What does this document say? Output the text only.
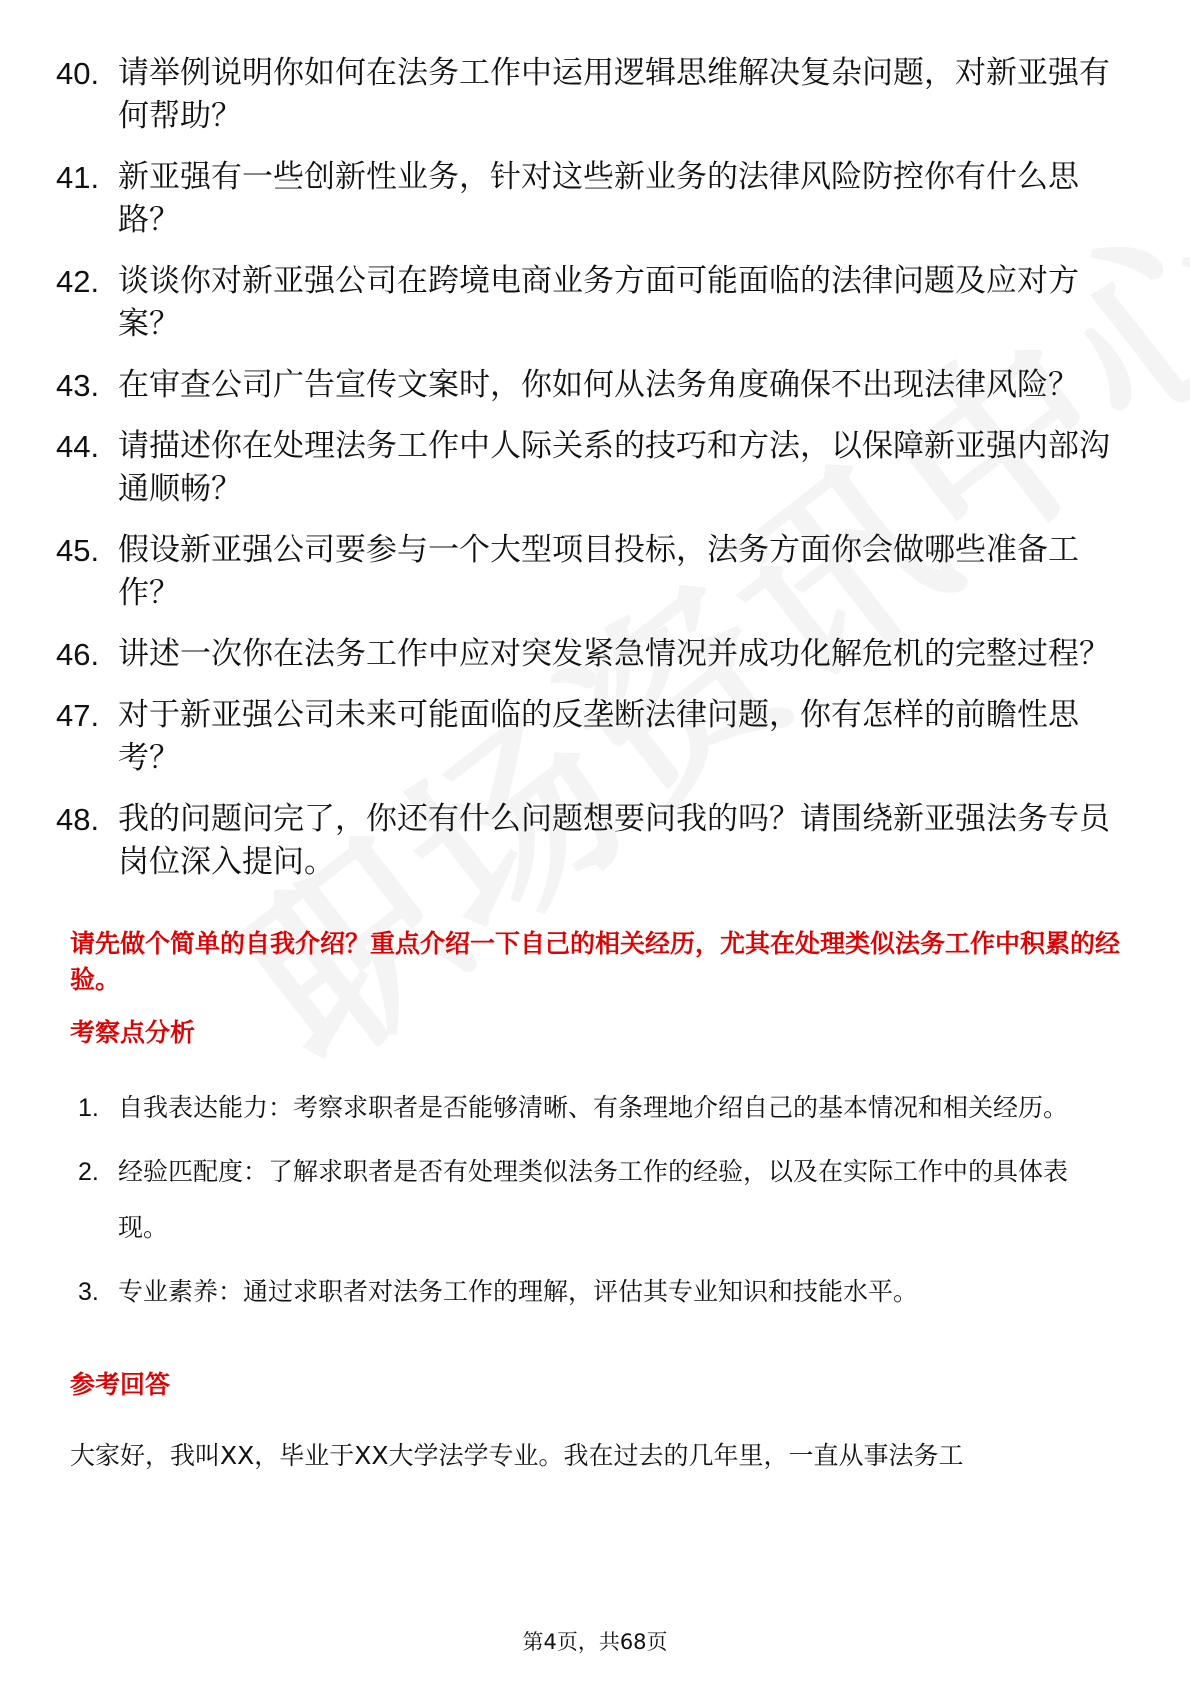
40. 请举例说明你如何在法务工作中运用逻辑思维解决复杂问题，对新亚强有何帮助？
41. 新亚强有一些创新性业务，针对这些新业务的法律风险防控你有什么思路？
42. 谈谈你对新亚强公司在跨境电商业务方面可能面临的法律问题及应对方案？
43. 在审查公司广告宣传文案时，你如何从法务角度确保不出现法律风险？
44. 请描述你在处理法务工作中人际关系的技巧和方法，以保障新亚强内部沟通顺畅？
45. 假设新亚强公司要参与一个大型项目投标，法务方面你会做哪些准备工作？
46. 讲述一次你在法务工作中应对突发紧急情况并成功化解危机的完整过程？
47. 对于新亚强公司未来可能面临的反垄断法律问题，你有怎样的前瞻性思考？
48. 我的问题问完了，你还有什么问题想要问我的吗？请围绕新亚强法务专员岗位深入提问。

请先做个简单的自我介绍？重点介绍一下自己的相关经历，尤其在处理类似法务工作中积累的经验。

考察点分析

1. 自我表达能力：考察求职者是否能够清晰、有条理地介绍自己的基本情况和相关经历。
2. 经验匹配度：了解求职者是否有处理类似法务工作的经验，以及在实际工作中的具体表现。
3. 专业素养：通过求职者对法务工作的理解，评估其专业知识和技能水平。

参考回答

大家好，我叫XX，毕业于XX大学法学专业。我在过去的几年里，一直从事法务工

第4页，共68页
